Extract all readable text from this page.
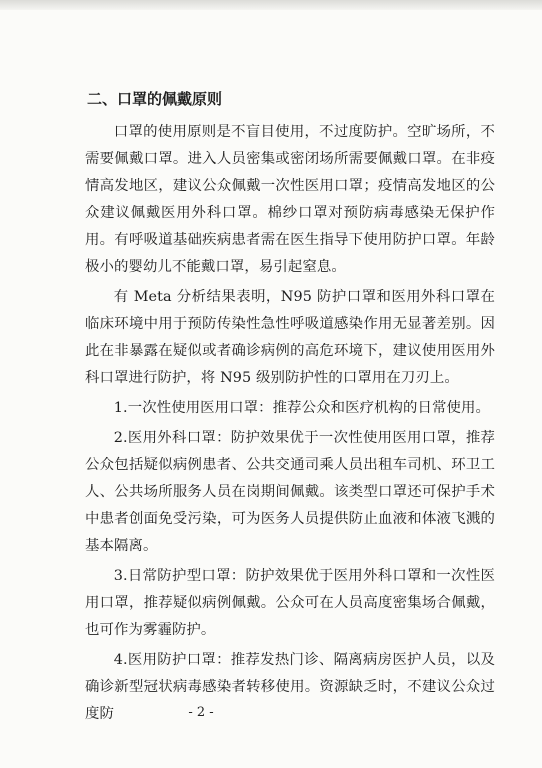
二、口罩的佩戴原则

口罩的使用原则是不盲目使用，不过度防护。空旷场所，不需要佩戴口罩。进入人员密集或密闭场所需要佩戴口罩。在非疫情高发地区，建议公众佩戴一次性医用口罩；疫情高发地区的公众建议佩戴医用外科口罩。棉纱口罩对预防病毒感染无保护作用。有呼吸道基础疾病患者需在医生指导下使用防护口罩。年龄极小的婴幼儿不能戴口罩，易引起窒息。

有 Meta 分析结果表明，N95 防护口罩和医用外科口罩在临床环境中用于预防传染性急性呼吸道感染作用无显著差别。因此在非暴露在疑似或者确诊病例的高危环境下，建议使用医用外科口罩进行防护，将 N95 级别防护性的口罩用在刀刃上。

1.一次性使用医用口罩：推荐公众和医疗机构的日常使用。

2.医用外科口罩：防护效果优于一次性使用医用口罩，推荐公众包括疑似病例患者、公共交通司乘人员出租车司机、环卫工人、公共场所服务人员在岗期间佩戴。该类型口罩还可保护手术中患者创面免受污染，可为医务人员提供防止血液和体液飞溅的基本隔离。

3.日常防护型口罩：防护效果优于医用外科口罩和一次性医用口罩，推荐疑似病例佩戴。公众可在人员高度密集场合佩戴，也可作为雾霾防护。

4.医用防护口罩：推荐发热门诊、隔离病房医护人员，以及确诊新型冠状病毒感染者转移使用。资源缺乏时，不建议公众过度防	- 2 -
